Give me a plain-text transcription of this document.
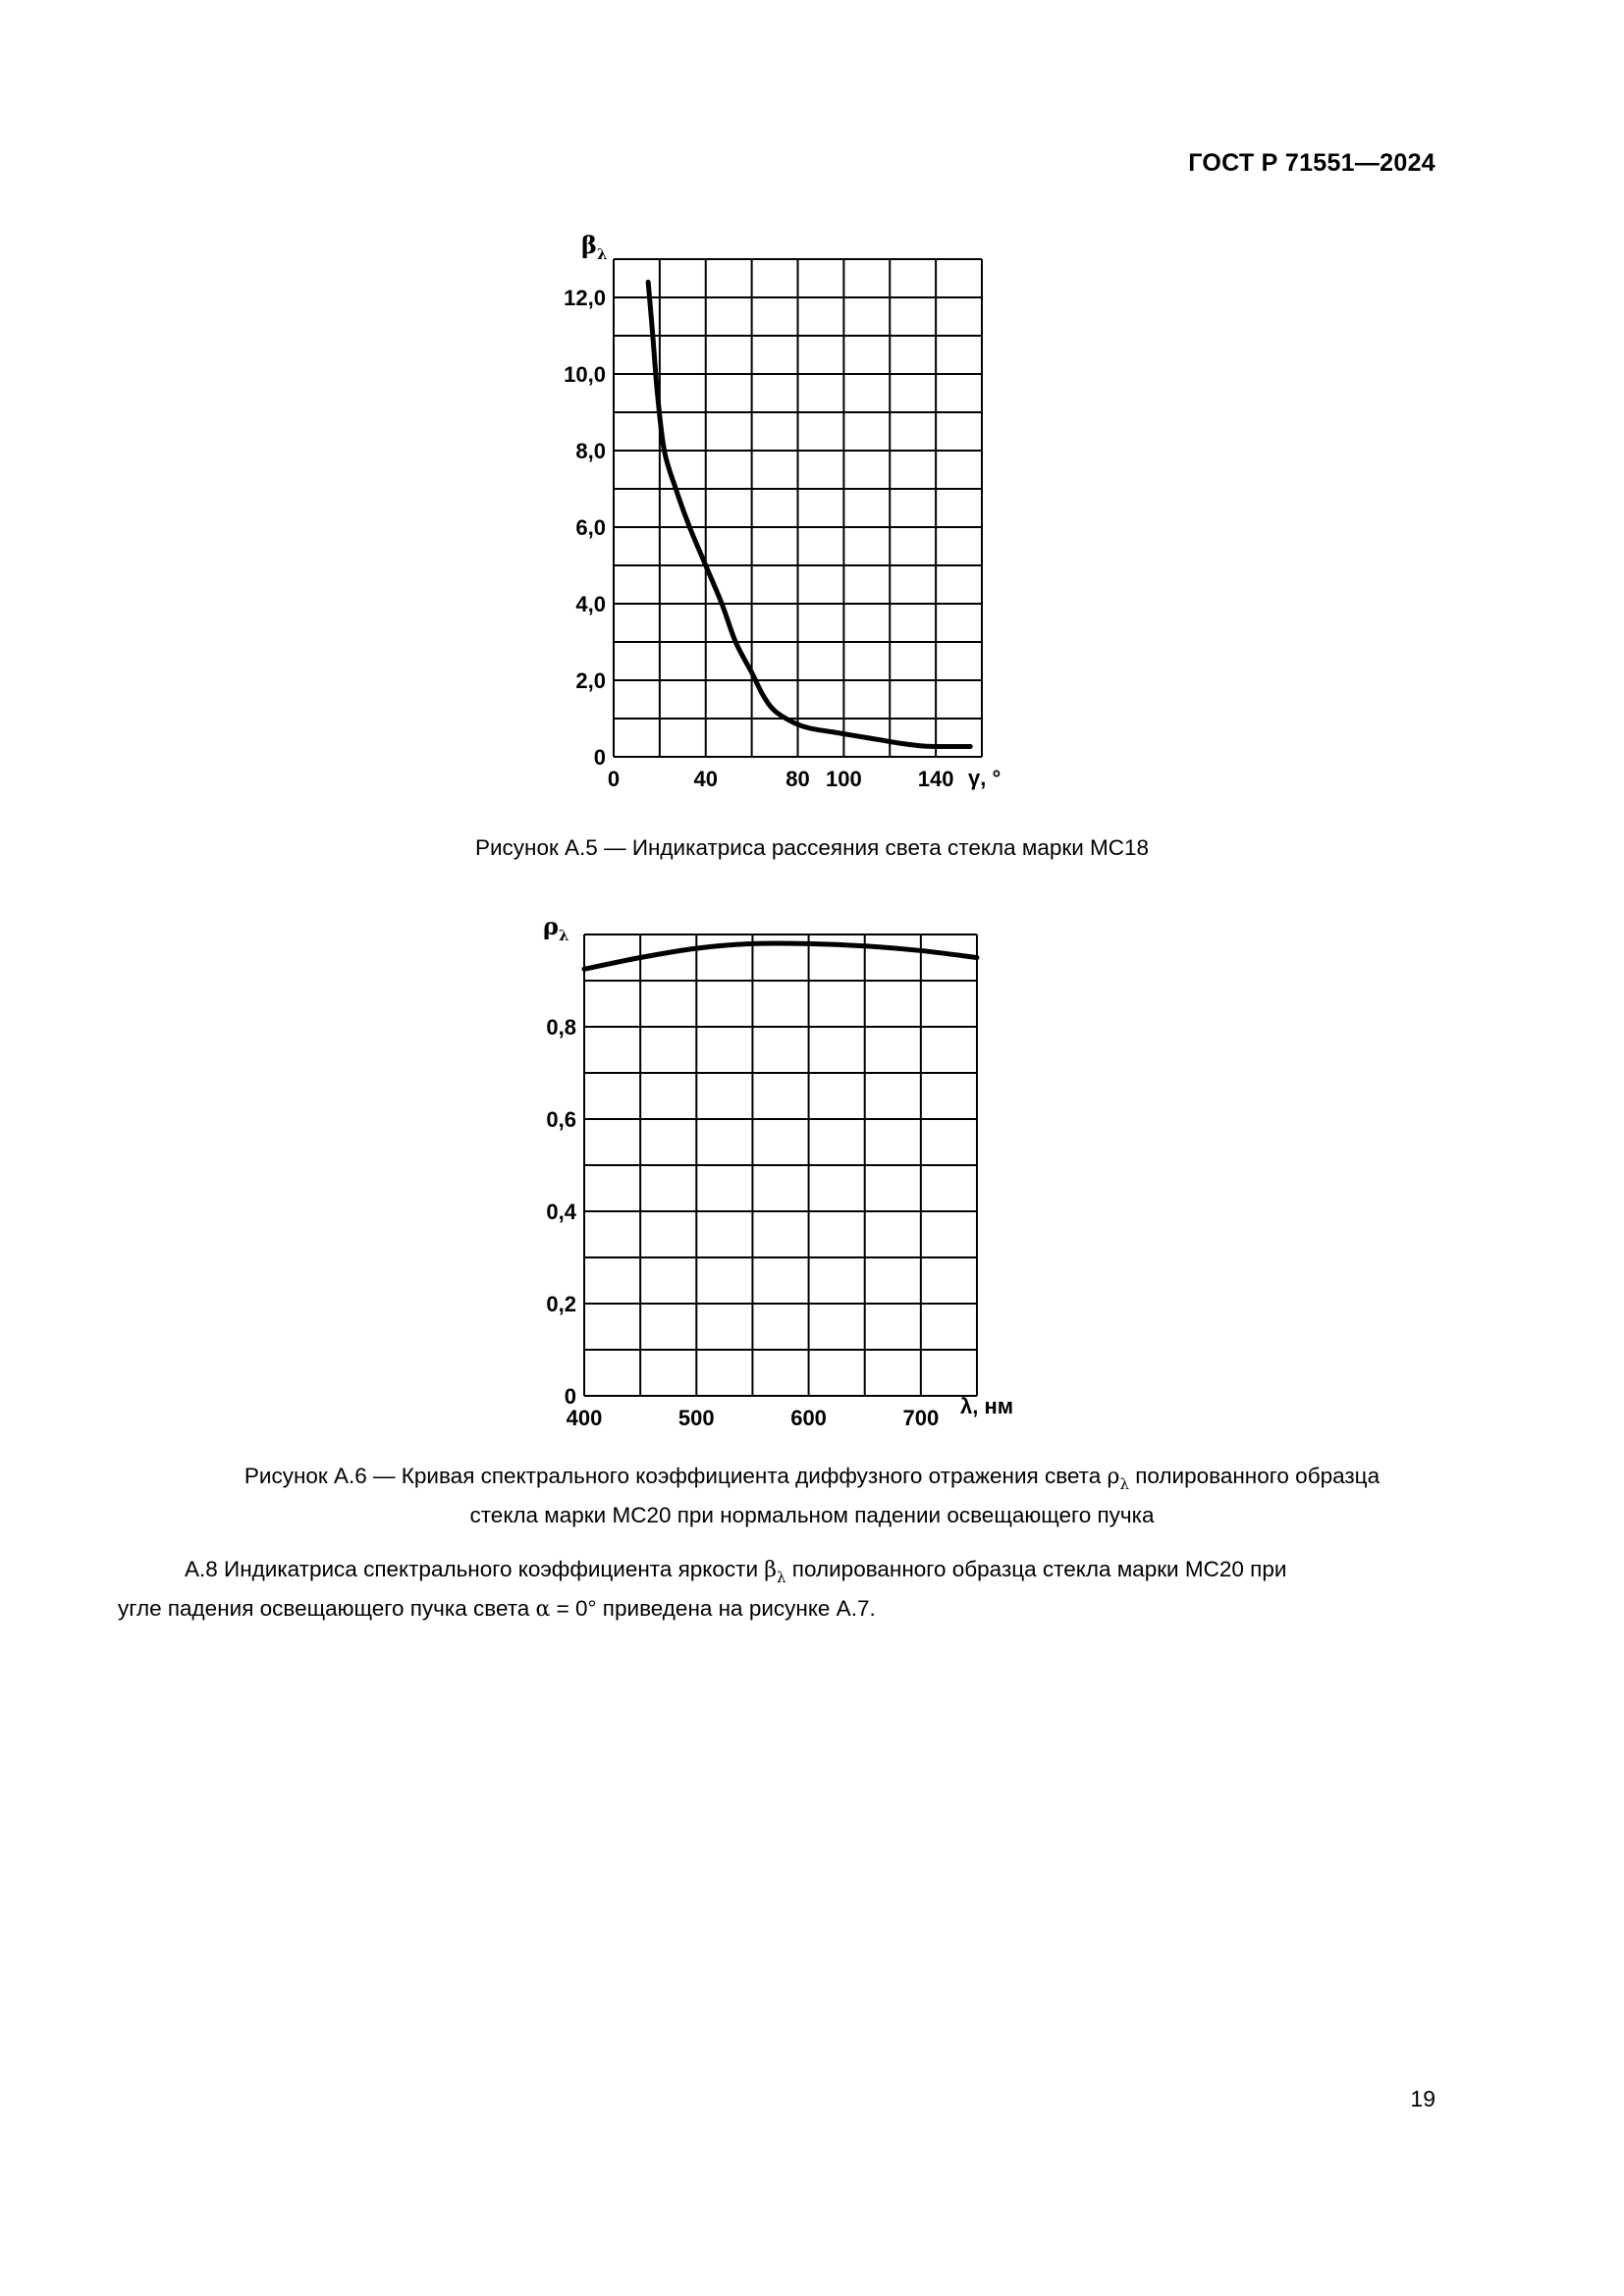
ГОСТ Р 71551—2024
0
2,0
4,0
6,0
8,0
10,0
12,0
0	40	80 100	140
$\beta_\lambda$
γ, °
Рисунок А.5 — Индикатриса рассеяния света стекла марки МС18
0
0,2
0,4
0,6
0,8
400	500	600	700
$\rho_\lambda$
λ, нм
Рисунок А.6 — Кривая спектрального коэффициента диффузного отражения света $\rho_\lambda$ полированного образца
стекла марки МС20 при нормальном падении освещающего пучка
А.8 Индикатриса спектрального коэффициента яркости $\beta_\lambda$ полированного образца стекла марки МС20 при
угле падения освещающего пучка света α = 0° приведена на рисунке А.7.
19
